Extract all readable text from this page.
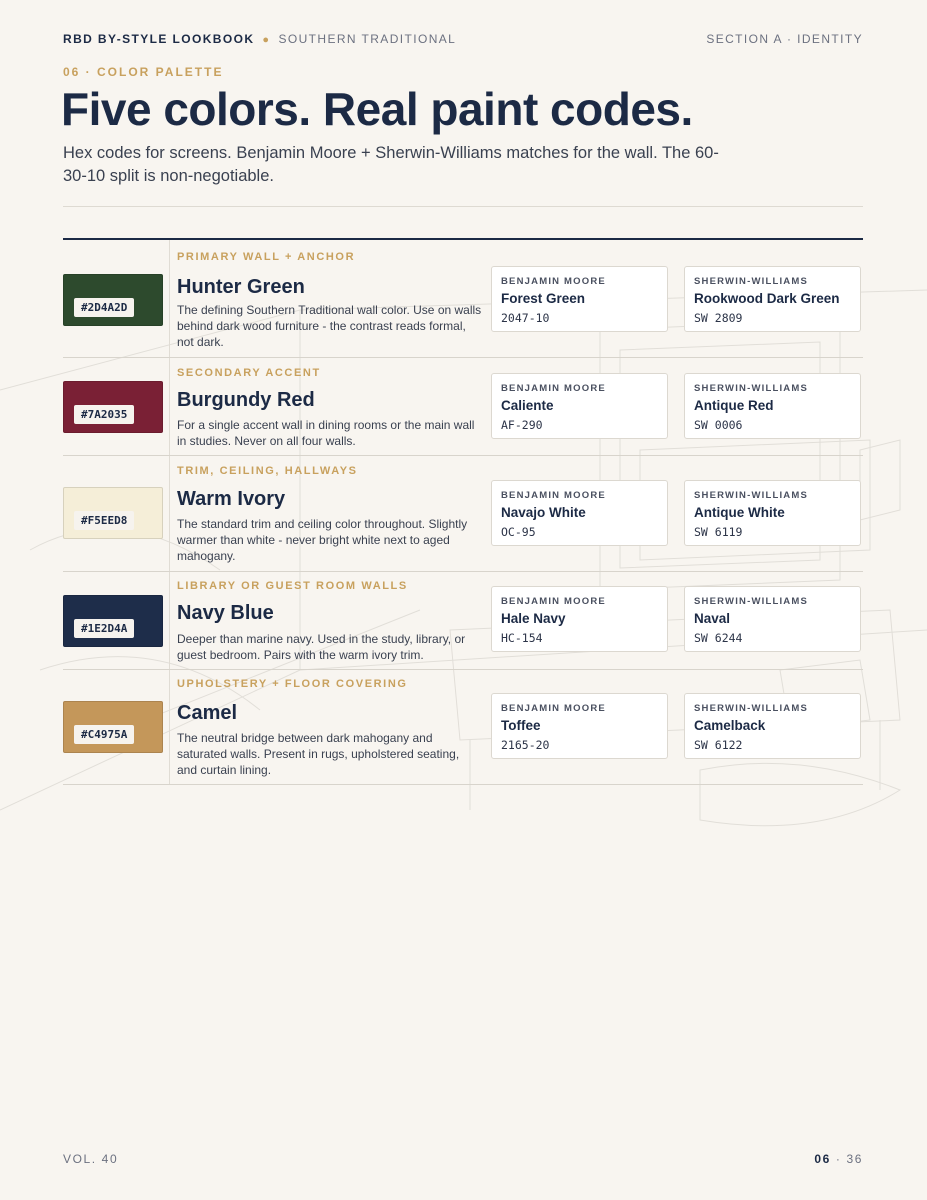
RBD BY-STYLE LOOKBOOK ● SOUTHERN TRADITIONAL	SECTION A · IDENTITY
06 · COLOR PALETTE
Five colors. Real paint codes.

Hex codes for screens. Benjamin Moore + Sherwin-Williams matches for the wall. The 60-30-10 split is non-negotiable.

#2D4A2D
PRIMARY WALL + ANCHOR
Hunter Green
The defining Southern Traditional wall color. Use on walls behind dark wood furniture - the contrast reads formal, not dark.
BENJAMIN MOORE
Forest Green
2047-10
SHERWIN-WILLIAMS
Rookwood Dark Green
SW 2809
#7A2035
SECONDARY ACCENT
Burgundy Red
For a single accent wall in dining rooms or the main wall in studies. Never on all four walls.
BENJAMIN MOORE
Caliente
AF-290
SHERWIN-WILLIAMS
Antique Red
SW 0006
#F5EED8
TRIM, CEILING, HALLWAYS
Warm Ivory
The standard trim and ceiling color throughout. Slightly warmer than white - never bright white next to aged mahogany.
BENJAMIN MOORE
Navajo White
OC-95
SHERWIN-WILLIAMS
Antique White
SW 6119
#1E2D4A
LIBRARY OR GUEST ROOM WALLS
Navy Blue
Deeper than marine navy. Used in the study, library, or guest bedroom. Pairs with the warm ivory trim.
BENJAMIN MOORE
Hale Navy
HC-154
SHERWIN-WILLIAMS
Naval
SW 6244
#C4975A
UPHOLSTERY + FLOOR COVERING
Camel
The neutral bridge between dark mahogany and saturated walls. Present in rugs, upholstered seating, and curtain lining.
BENJAMIN MOORE
Toffee
2165-20
SHERWIN-WILLIAMS
Camelback
SW 6122
VOL. 40	06 · 36
